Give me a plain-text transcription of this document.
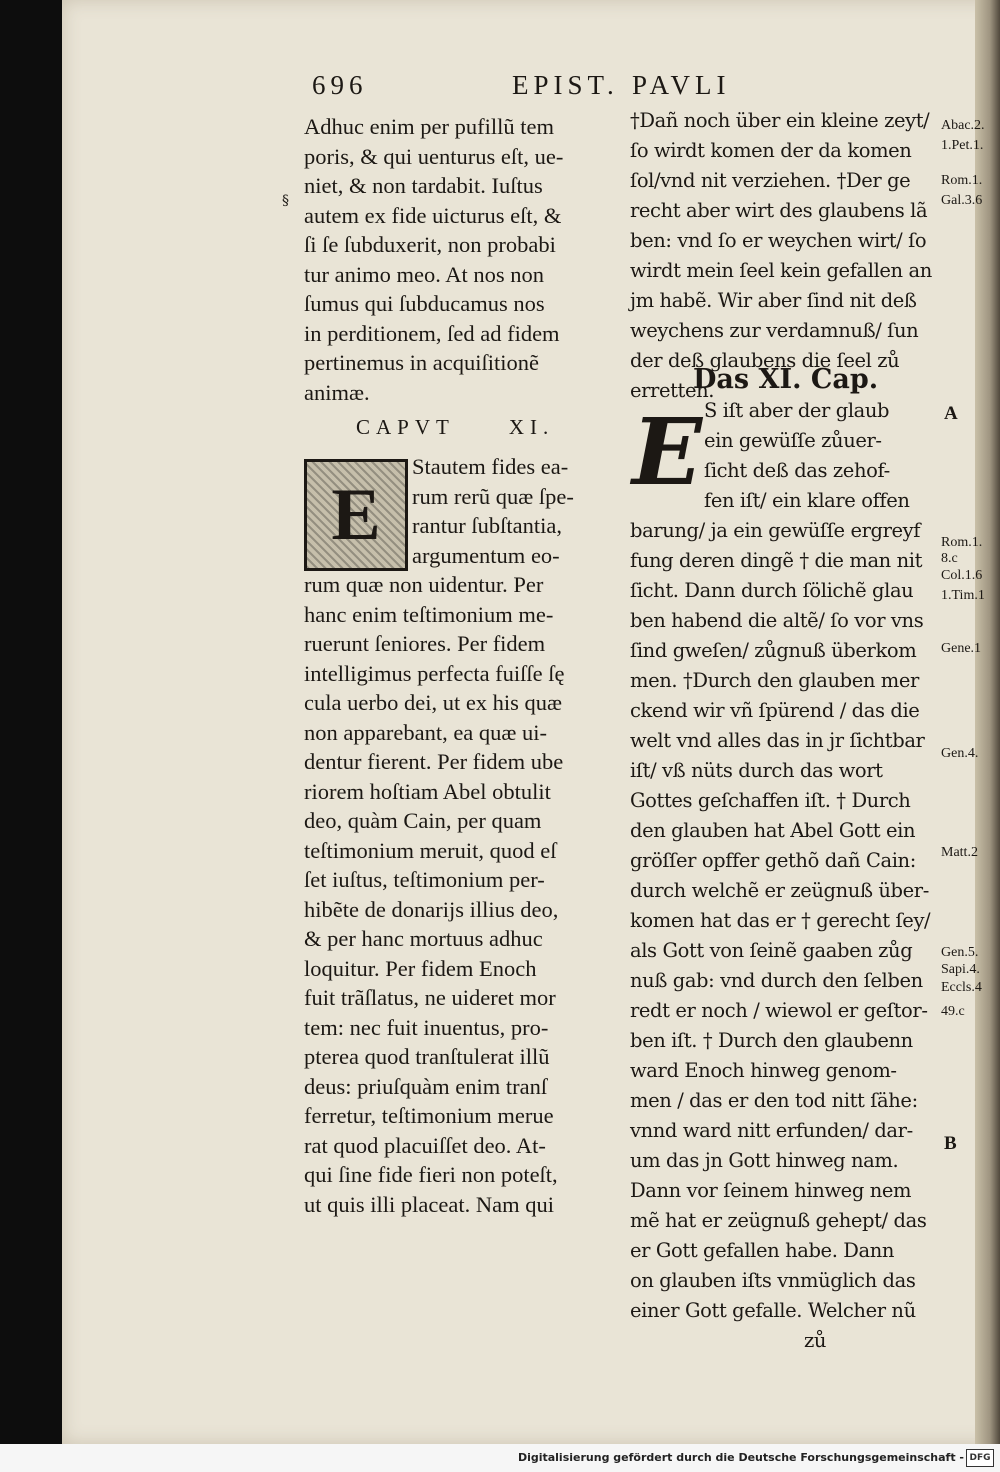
696	EPIST. PAVLI
§
Adhuc enim per pufillũ tem
poris, & qui uenturus eſt, ue-
niet, & non tardabit. Iuſtus
autem ex fide uicturus eſt, &
ſi ſe ſubduxerit, non probabi
tur animo meo. At nos non
ſumus qui ſubducamus nos
in perditionem, ſed ad fidem
pertinemus in acquiſitionẽ
animæ.
CAPVT	XI.
E
Stautem fides ea-
rum rerũ quæ ſpe-
rantur ſubſtantia,
argumentum eo-
rum quæ non uidentur. Per
hanc enim teſtimonium me-
ruerunt ſeniores. Per fidem
intelligimus perfecta fuiſſe ſę
cula uerbo dei, ut ex his quæ
non apparebant, ea quæ ui-
dentur fierent. Per fidem ube
riorem hoſtiam Abel obtulit
deo, quàm Cain, per quam
teſtimonium meruit, quod eſ
ſet iuſtus, teſtimonium per-
hibẽte de donarijs illius deo,
& per hanc mortuus adhuc
loquitur. Per fidem Enoch
fuit trãſlatus, ne uideret mor
tem: nec fuit inuentus, pro-
pterea quod tranſtulerat illũ
deus: priuſquàm enim tranſ
ferretur, teſtimonium merue
rat quod placuiſſet deo. At-
qui ſine fide fieri non poteſt,
ut quis illi placeat. Nam qui
†Dañ noch über ein kleine zeyt/
ſo wirdt komen der da komen
ſol/vnd nit verziehen. †Der ge
recht aber wirt des glaubens lã
ben: vnd ſo er weychen wirt/ ſo
wirdt mein ſeel kein gefallen an
jm habẽ. Wir aber ſind nit deß
weychens zur verdamnuß/ ſun
der deß glaubens die ſeel zů
erretten.
Das XI. Cap.
E S iſt aber der glaub
ein gewüſſe zůuer-
ſicht deß das zehof-
fen iſt/ ein klare offen
barung/ ja ein gewüſſe ergreyf
fung deren dingẽ † die man nit
ſicht. Dann durch ſölichẽ glau
ben habend die altẽ/ ſo vor vns
ſind gweſen/ zůgnuß überkom
men. †Durch den glauben mer
ckend wir vñ ſpürend / das die
welt vnd alles das in jr ſichtbar
iſt/ vß nüts durch das wort
Gottes geſchaffen iſt. † Durch
den glauben hat Abel Gott ein
gröſſer opffer gethõ dañ Cain:
durch welchẽ er zeügnuß über-
komen hat das er † gerecht ſey/
als Gott von ſeinẽ gaaben zůg
nuß gab: vnd durch den ſelben
redt er noch / wiewol er geſtor-
ben iſt. † Durch den glaubenn
ward Enoch hinweg genom-
men / das er den tod nitt ſähe:
vnnd ward nitt erfunden/ dar-
um das jn Gott hinweg nam.
Dann vor ſeinem hinweg nem
mẽ hat er zeügnuß gehept/ das
er Gott gefallen habe. Dann
on glauben iſts vnmüglich das
einer Gott gefalle. Welcher nũ
zů
Abac.2.
1.Pet.1.
Rom.1.
Gal.3.6
A
Rom.1.
8.c
Col.1.6
1.Tim.1
Gene.1
Gen.4.
Matt.2
Gen.5.
Sapi.4.
Eccls.4
49.c
B
Digitalisierung gefördert durch die Deutsche Forschungsgemeinschaft - DFG
